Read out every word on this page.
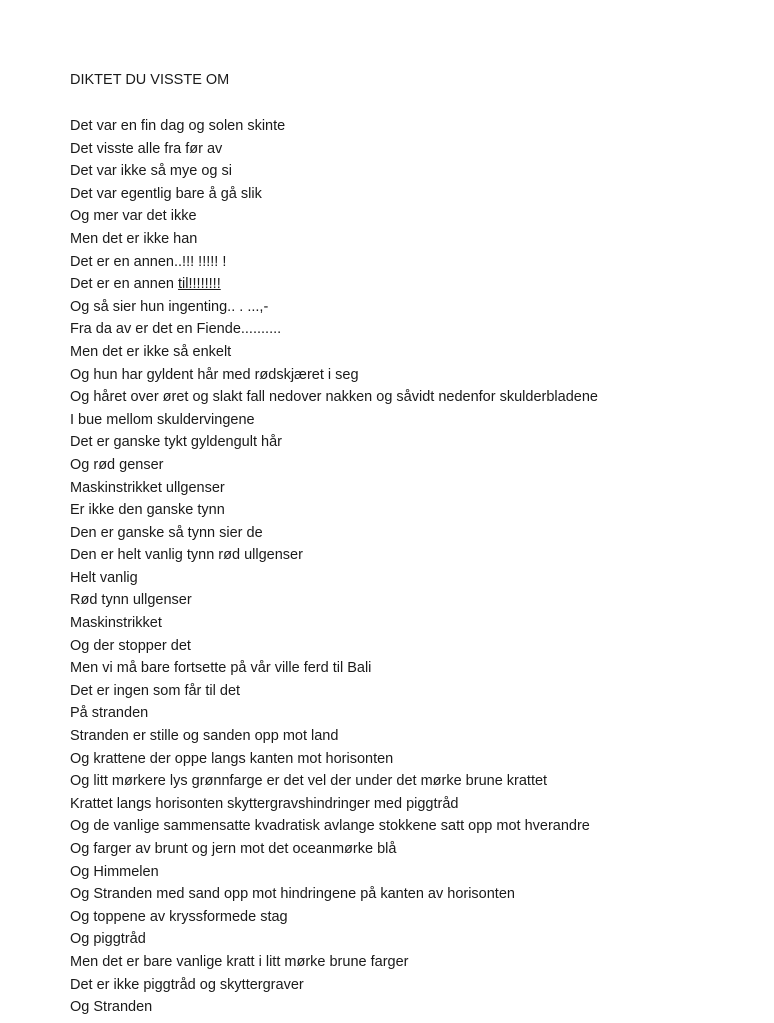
DIKTET DU VISSTE OM
Det var en fin dag og solen skinte
Det visste alle fra før av
Det var ikke så mye og si
Det var egentlig bare å gå slik
Og mer var det ikke
Men det er ikke han
Det er en annen..!!! !!!!! !
Det er en annen til!!!!!!!!
Og så sier hun ingenting.. . ...,-
Fra da av er det en Fiende..........
Men det er ikke så enkelt
Og hun har gyldent hår med rødskjæret i seg
Og håret over øret og slakt fall nedover nakken og såvidt nedenfor skulderbladene
I bue mellom skuldervingene
Det er ganske tykt gyldengult hår
Og rød genser
Maskinstrikket ullgenser
Er ikke den ganske tynn
Den er ganske så tynn sier de
Den er helt vanlig tynn rød ullgenser
Helt vanlig
Rød tynn ullgenser
Maskinstrikket
Og der stopper det
Men vi må bare fortsette på vår ville ferd til Bali
Det er ingen som får til det
På stranden
Stranden er stille og sanden opp mot land
Og krattene der oppe langs kanten mot horisonten
Og litt mørkere lys grønnfarge er det vel der under det mørke brune krattet
Krattet langs horisonten skyttergravshindringer med piggtråd
Og de vanlige sammensatte kvadratisk avlange stokkene satt opp mot hverandre
Og farger av brunt og jern mot det oceanmørke blå
Og Himmelen
Og Stranden med sand opp mot hindringene på kanten av horisonten
Og toppene av kryssformede stag
Og piggtråd
Men det er bare vanlige kratt i litt mørke brune farger
Det er ikke piggtråd og skyttergraver
Og Stranden
